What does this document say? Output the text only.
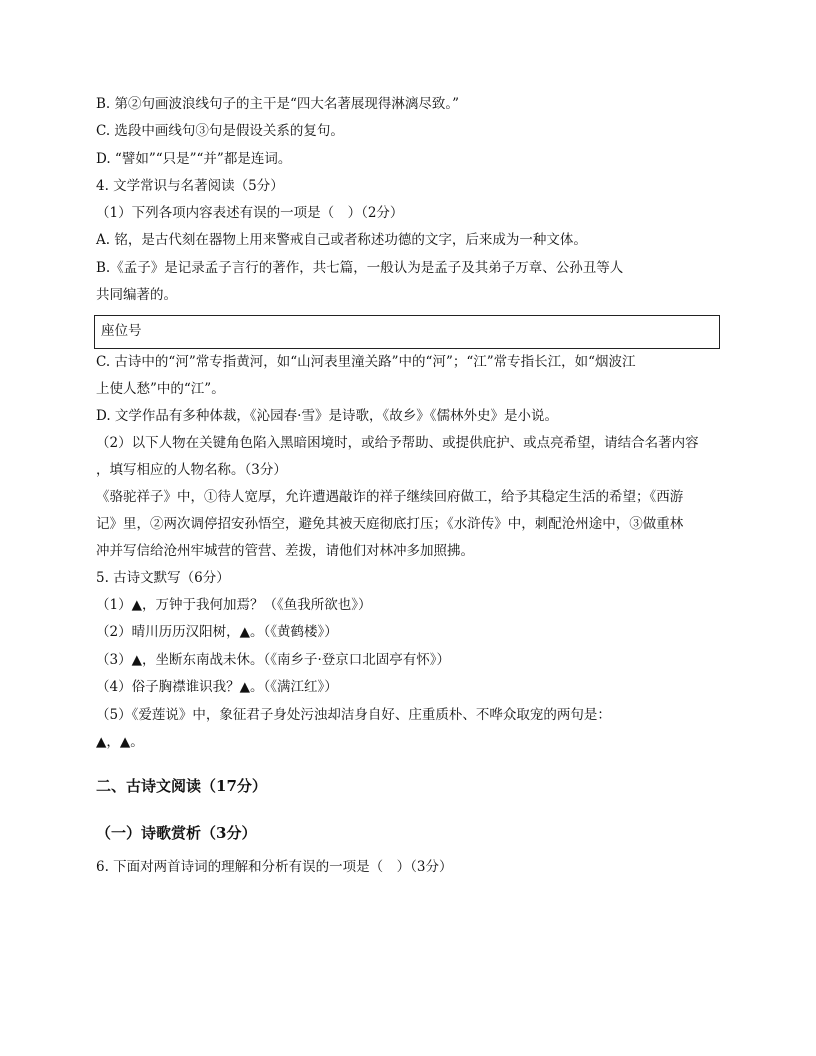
B. 第②句画波浪线句子的主干是“四大名著展现得淋漓尽致。”
C. 选段中画线句③句是假设关系的复句。
D. “譬如”“只是”“并”都是连词。
4. 文学常识与名著阅读（5分）
（1）下列各项内容表述有误的一项是（　）（2分）
A. 铭，是古代刻在器物上用来警戒自己或者称述功德的文字，后来成为一种文体。
B.《孟子》是记录孟子言行的著作，共七篇，一般认为是孟子及其弟子万章、公孙丑等人
共同编著的。
座位号
C. 古诗中的“河”常专指黄河，如“山河表里潼关路”中的“河”；“江”常专指长江，如“烟波江
上使人愁”中的“江”。
D. 文学作品有多种体裁，《沁园春·雪》是诗歌，《故乡》《儒林外史》是小说。
（2）以下人物在关键角色陷入黑暗困境时，或给予帮助、或提供庇护、或点亮希望，请结合名著内容
，填写相应的人物名称。（3分）
《骆驼祥子》中，①待人宽厚，允许遭遇敲诈的祥子继续回府做工，给予其稳定生活的希望；《西游
记》里，②两次调停招安孙悟空，避免其被天庭彻底打压；《水浒传》中，刺配沧州途中，③做重林
冲并写信给沧州牢城营的管营、差拨，请他们对林冲多加照拂。
5. 古诗文默写（6分）
（1）▲，万钟于我何加焉？（《鱼我所欲也》）
（2）晴川历历汉阳树，▲。（《黄鹤楼》）
（3）▲，坐断东南战未休。（《南乡子·登京口北固亭有怀》）
（4）俗子胸襟谁识我？▲。（《满江红》）
（5）《爱莲说》中，象征君子身处污浊却洁身自好、庄重质朴、不哗众取宠的两句是：
▲，▲。
二、古诗文阅读（17分）
（一）诗歌赏析（3分）
6. 下面对两首诗词的理解和分析有误的一项是（　）（3分）
